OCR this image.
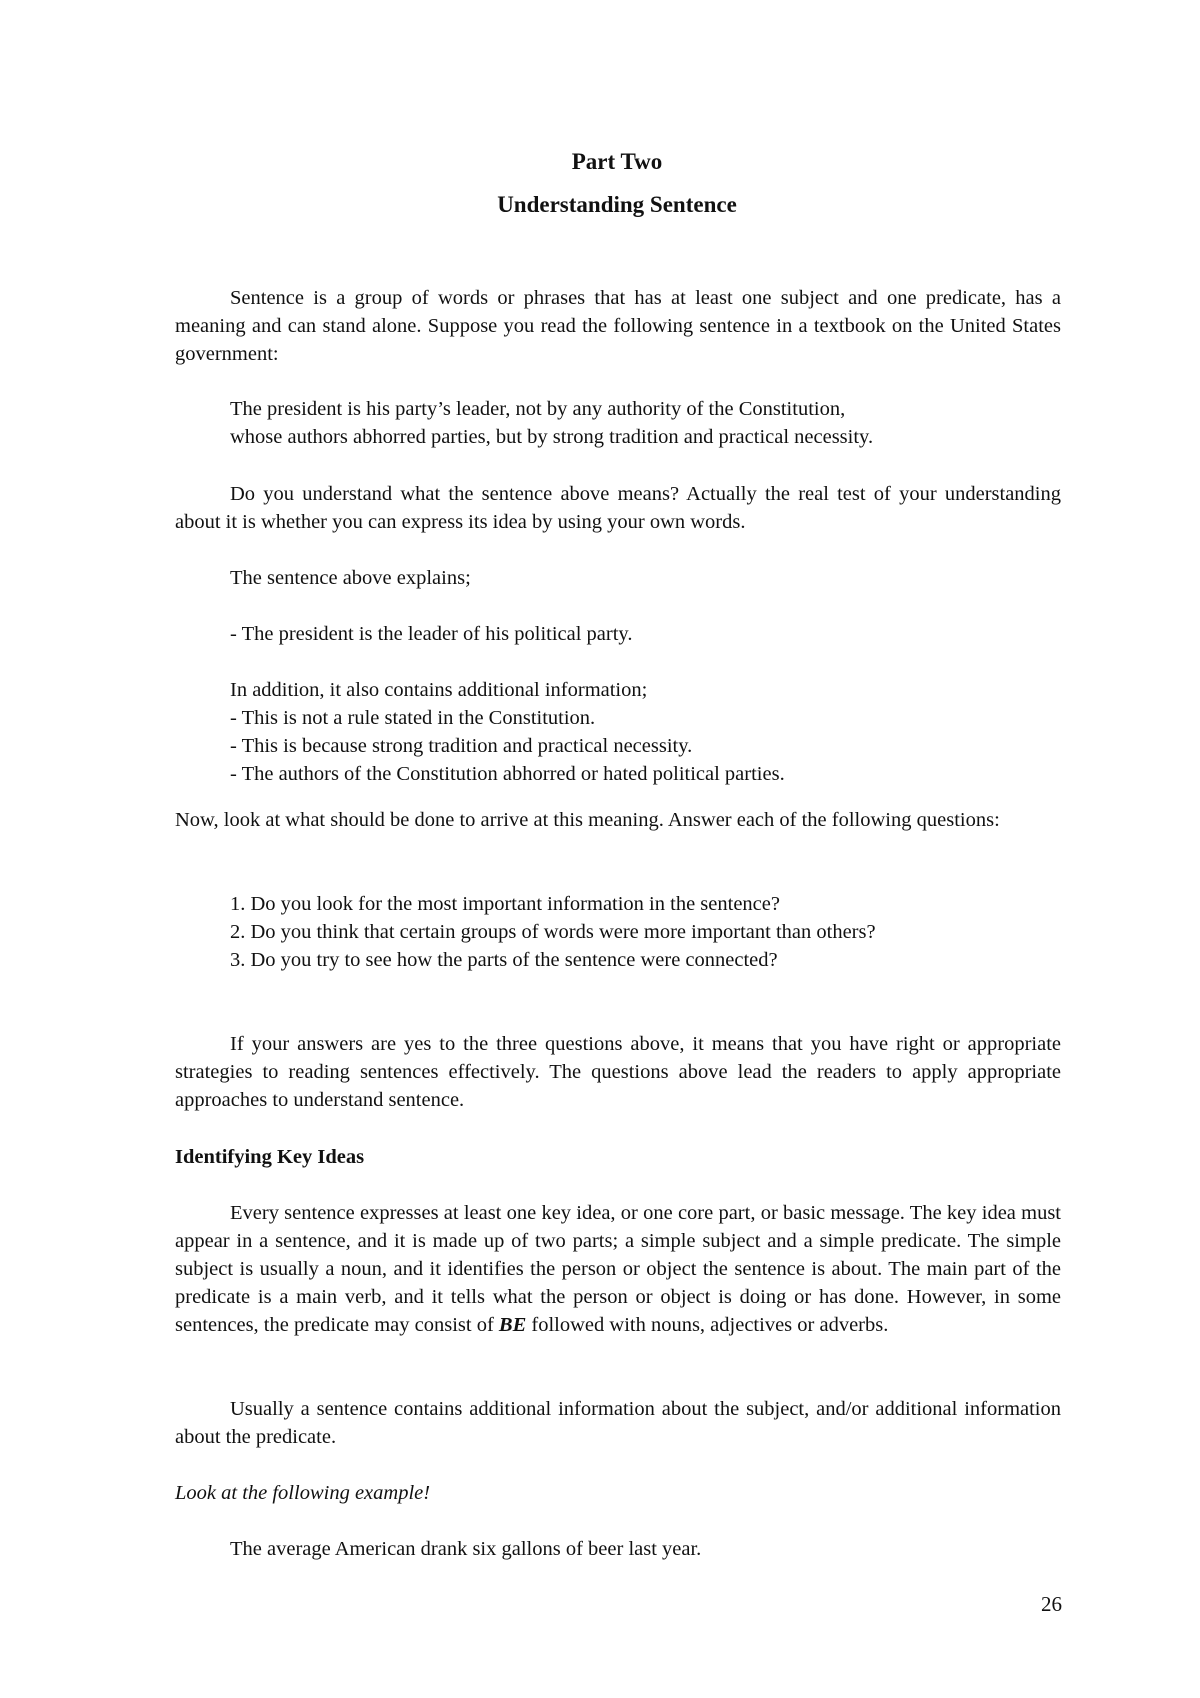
Part Two
Understanding Sentence

Sentence is a group of words or phrases that has at least one subject and one predicate, has a meaning and can stand alone. Suppose you read the following sentence in a textbook on the United States government:

The president is his party’s leader, not by any authority of the Constitution,
whose authors abhorred parties, but by strong tradition and practical necessity.

Do you understand what the sentence above means? Actually the real test of your understanding about it is whether you can express its idea by using your own words.

The sentence above explains;

- The president is the leader of his political party.

In addition, it also contains additional information;
- This is not a rule stated in the Constitution.
- This is because strong tradition and practical necessity.
- The authors of the Constitution abhorred or hated political parties.

Now, look at what should be done to arrive at this meaning. Answer each of the following questions:

1. Do you look for the most important information in the sentence?
2. Do you think that certain groups of words were more important than others?
3. Do you try to see how the parts of the sentence were connected?

If your answers are yes to the three questions above, it means that you have right or appropriate strategies to reading sentences effectively. The questions above lead the readers to apply appropriate approaches to understand sentence.

Identifying Key Ideas

Every sentence expresses at least one key idea, or one core part, or basic message. The key idea must appear in a sentence, and it is made up of two parts; a simple subject and a simple predicate. The simple subject is usually a noun, and it identifies the person or object the sentence is about. The main part of the predicate is a main verb, and it tells what the person or object is doing or has done. However, in some sentences, the predicate may consist of BE followed with nouns, adjectives or adverbs.

Usually a sentence contains additional information about the subject, and/or additional information about the predicate.

Look at the following example!
The average American drank six gallons of beer last year.
26
